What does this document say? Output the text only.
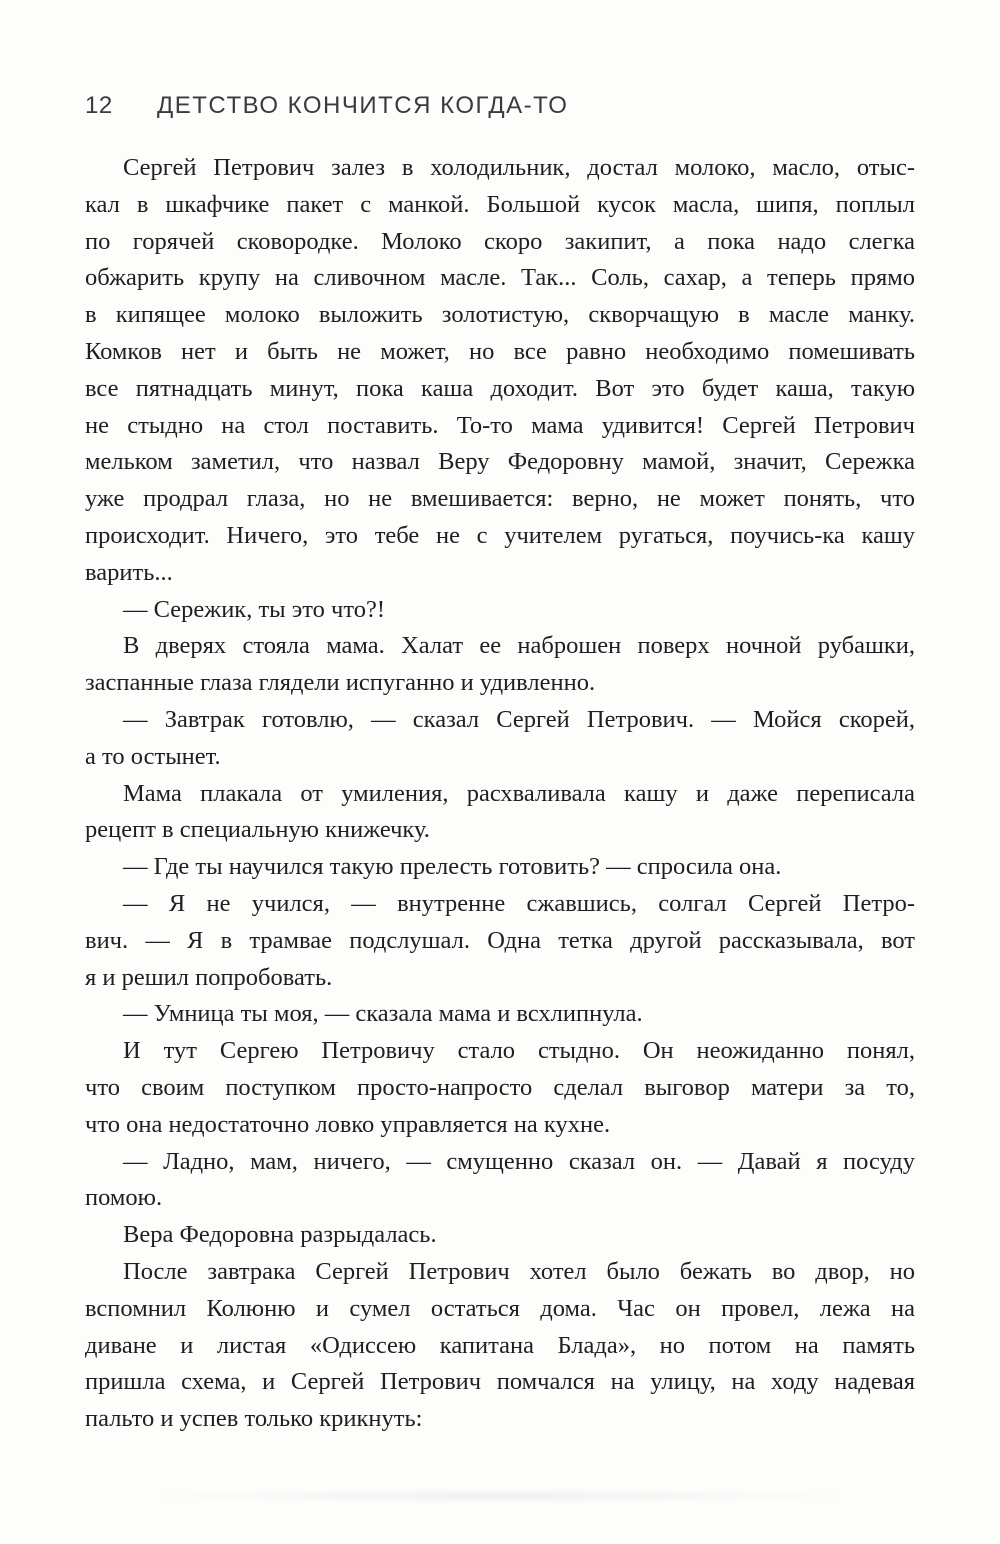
12 ДЕТСТВО КОНЧИТСЯ КОГДА-ТО

Сергей Петрович залез в холодильник, достал молоко, масло, отыс-
кал в шкафчике пакет с манкой. Большой кусок масла, шипя, поплыл
по горячей сковородке. Молоко скоро закипит, а пока надо слегка
обжарить крупу на сливочном масле. Так... Соль, сахар, а теперь прямо
в кипящее молоко выложить золотистую, скворчащую в масле манку.
Комков нет и быть не может, но все равно необходимо помешивать
все пятнадцать минут, пока каша доходит. Вот это будет каша, такую
не стыдно на стол поставить. То-то мама удивится! Сергей Петрович
мельком заметил, что назвал Веру Федоровну мамой, значит, Сережка
уже продрал глаза, но не вмешивается: верно, не может понять, что
происходит. Ничего, это тебе не с учителем ругаться, поучись-ка кашу
варить...

— Сережик, ты это что?!

В дверях стояла мама. Халат ее наброшен поверх ночной рубашки,
заспанные глаза глядели испуганно и удивленно.

— Завтрак готовлю, — сказал Сергей Петрович. — Мойся скорей,
а то остынет.

Мама плакала от умиления, расхваливала кашу и даже переписала
рецепт в специальную книжечку.

— Где ты научился такую прелесть готовить? — спросила она.

— Я не учился, — внутренне сжавшись, солгал Сергей Петро-
вич. — Я в трамвае подслушал. Одна тетка другой рассказывала, вот
я и решил попробовать.

— Умница ты моя, — сказала мама и всхлипнула.

И тут Сергею Петровичу стало стыдно. Он неожиданно понял,
что своим поступком просто-напросто сделал выговор матери за то,
что она недостаточно ловко управляется на кухне.

— Ладно, мам, ничего, — смущенно сказал он. — Давай я посуду
помою.

Вера Федоровна разрыдалась.

После завтрака Сергей Петрович хотел было бежать во двор, но
вспомнил Колюню и сумел остаться дома. Час он провел, лежа на
диване и листая «Одиссею капитана Блада», но потом на память
пришла схема, и Сергей Петрович помчался на улицу, на ходу надевая
пальто и успев только крикнуть:
